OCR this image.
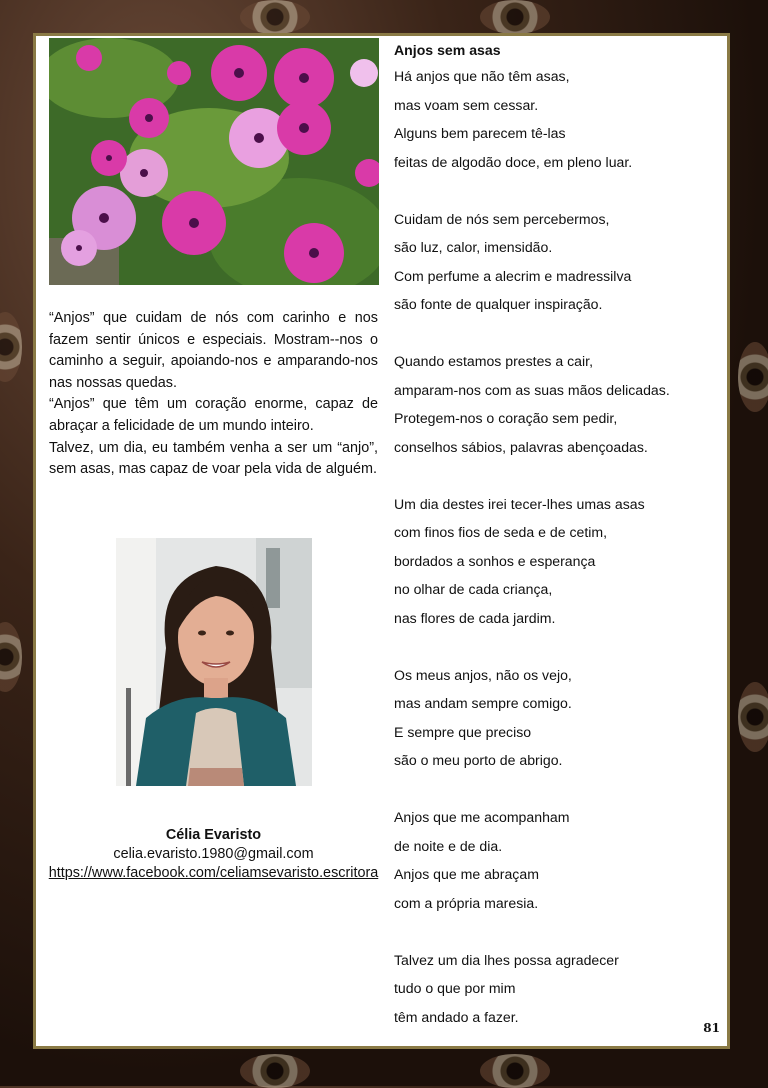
“Anjos” que cuidam de nós com carinho e nos fazem sentir únicos e especiais. Mostram--nos o caminho a seguir, apoiando-nos e amparando-nos nas nossas quedas.

“Anjos” que têm um coração enorme, capaz de abraçar a felicidade de um mundo inteiro.

Talvez, um dia, eu também venha a ser um “anjo”, sem asas, mas capaz de voar pela vida de alguém.

Célia Evaristo
celia.evaristo.1980@gmail.com
https://www.facebook.com/celiamsevaristo.escritora
Anjos sem asas
Há anjos que não têm asas,
mas voam sem cessar.
Alguns bem parecem tê-las
feitas de algodão doce, em pleno luar.
Cuidam de nós sem percebermos,
são luz, calor, imensidão.
Com perfume a alecrim e madressilva
são fonte de qualquer inspiração.
Quando estamos prestes a cair,
amparam-nos com as suas mãos delicadas.
Protegem-nos o coração sem pedir,
conselhos sábios, palavras abençoadas.
Um dia destes irei tecer-lhes umas asas
com finos fios de seda e de cetim,
bordados a sonhos e esperança
no olhar de cada criança,
nas flores de cada jardim.
Os meus anjos, não os vejo,
mas andam sempre comigo.
E sempre que preciso
são o meu porto de abrigo.
Anjos que me acompanham
de noite e de dia.
Anjos que me abraçam
com a própria maresia.
Talvez um dia lhes possa agradecer
tudo o que por mim
têm andado a fazer.
81
